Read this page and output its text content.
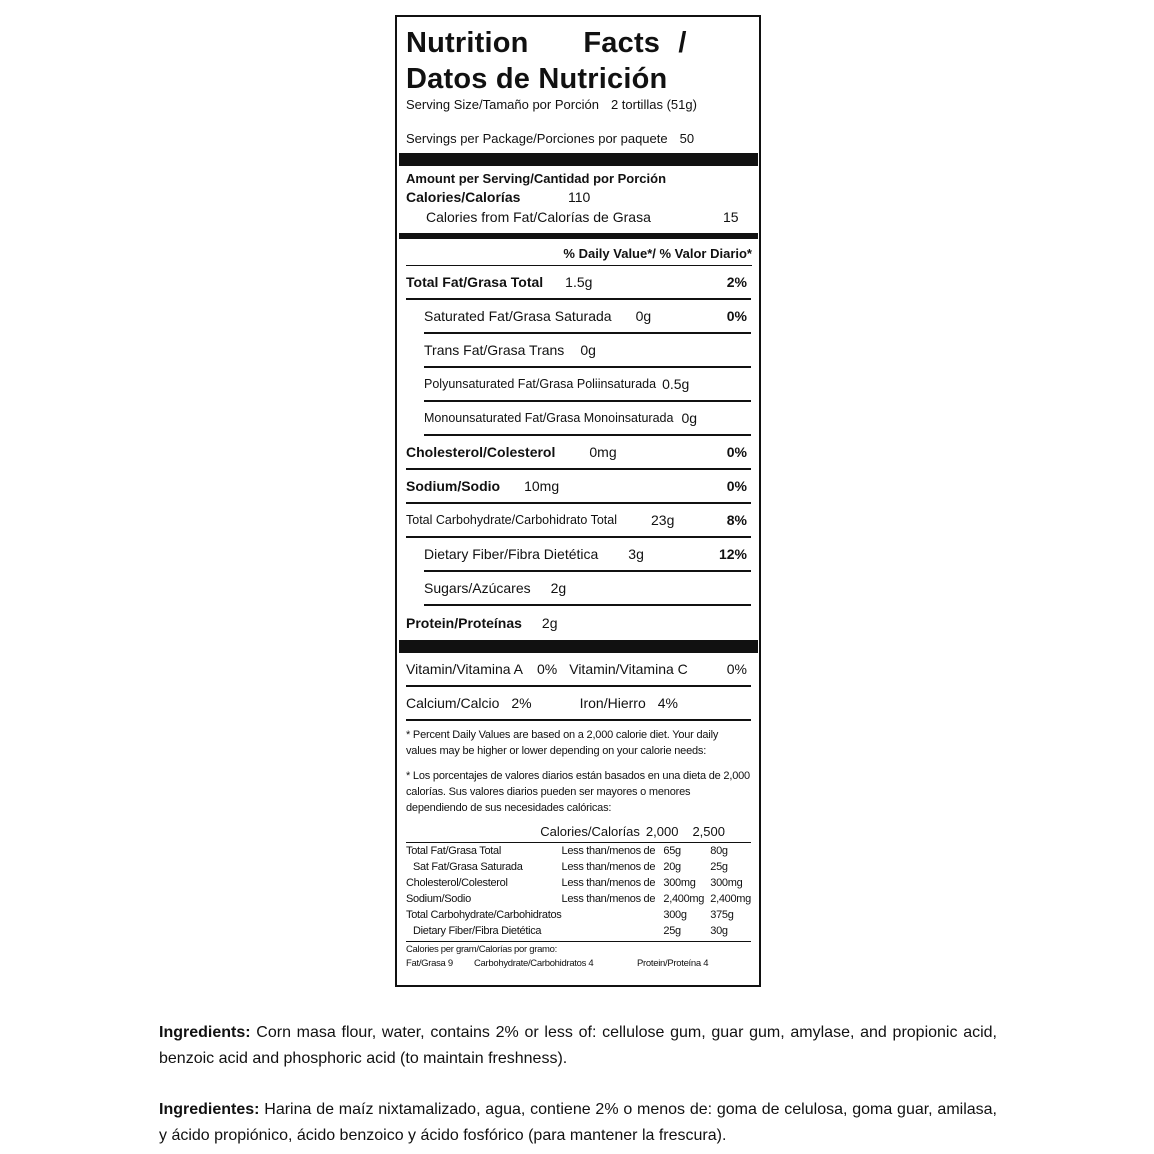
Nutrition   Facts /
Datos de Nutrición
Serving Size/Tamaño por Porción 2 tortillas (51g)
Servings per Package/Porciones por paquete 50
Amount per Serving/Cantidad por Porción
Calories/Calorías	110
Calories from Fat/Calorías de Grasa	15
% Daily Value*/ % Valor Diario*
Total Fat/Grasa Total 1.5g	2%
Saturated Fat/Grasa Saturada 0g	0%
Trans Fat/Grasa Trans 0g
Polyunsaturated Fat/Grasa Poliinsaturada 0.5g
Monounsaturated Fat/Grasa Monoinsaturada 0g
Cholesterol/Colesterol 0mg	0%
Sodium/Sodio 10mg	0%
Total Carbohydrate/Carbohidrato Total 23g	8%
Dietary Fiber/Fibra Dietética 3g	12%
Sugars/Azúcares 2g
Protein/Proteínas 2g
Vitamin/Vitamina A 0% Vitamin/Vitamina C	0%
Calcium/Calcio 2%	Iron/Hierro 4%

* Percent Daily Values are based on a 2,000 calorie diet. Your daily values may be higher or lower depending on your calorie needs:

* Los porcentajes de valores diarios están basados en una dieta de 2,000 calorías. Sus valores diarios pueden ser mayores o menores dependiendo de sus necesidades calóricas:

Calories/Calorías 2,000 2,500
Total Fat/Grasa Total	Less than/menos de	65g	80g
Sat Fat/Grasa Saturada	Less than/menos de	20g	25g
Cholesterol/Colesterol	Less than/menos de	300mg	300mg
Sodium/Sodio	Less than/menos de	2,400mg	2,400mg
Total Carbohydrate/Carbohidratos		300g	375g
Dietary Fiber/Fibra Dietética		25g	30g
Calories per gram/Calorías por gramo:
Fat/Grasa 9 Carbohydrate/Carbohidratos 4	Protein/Proteína 4
Ingredients: Corn masa flour, water, contains 2% or less of: cellulose gum, guar gum, amylase, and propionic acid, benzoic acid and phosphoric acid (to maintain freshness).
Ingredientes: Harina de maíz nixtamalizado, agua, contiene 2% o menos de: goma de celulosa, goma guar, amilasa, y ácido propiónico, ácido benzoico y ácido fosfórico (para mantener la frescura).
